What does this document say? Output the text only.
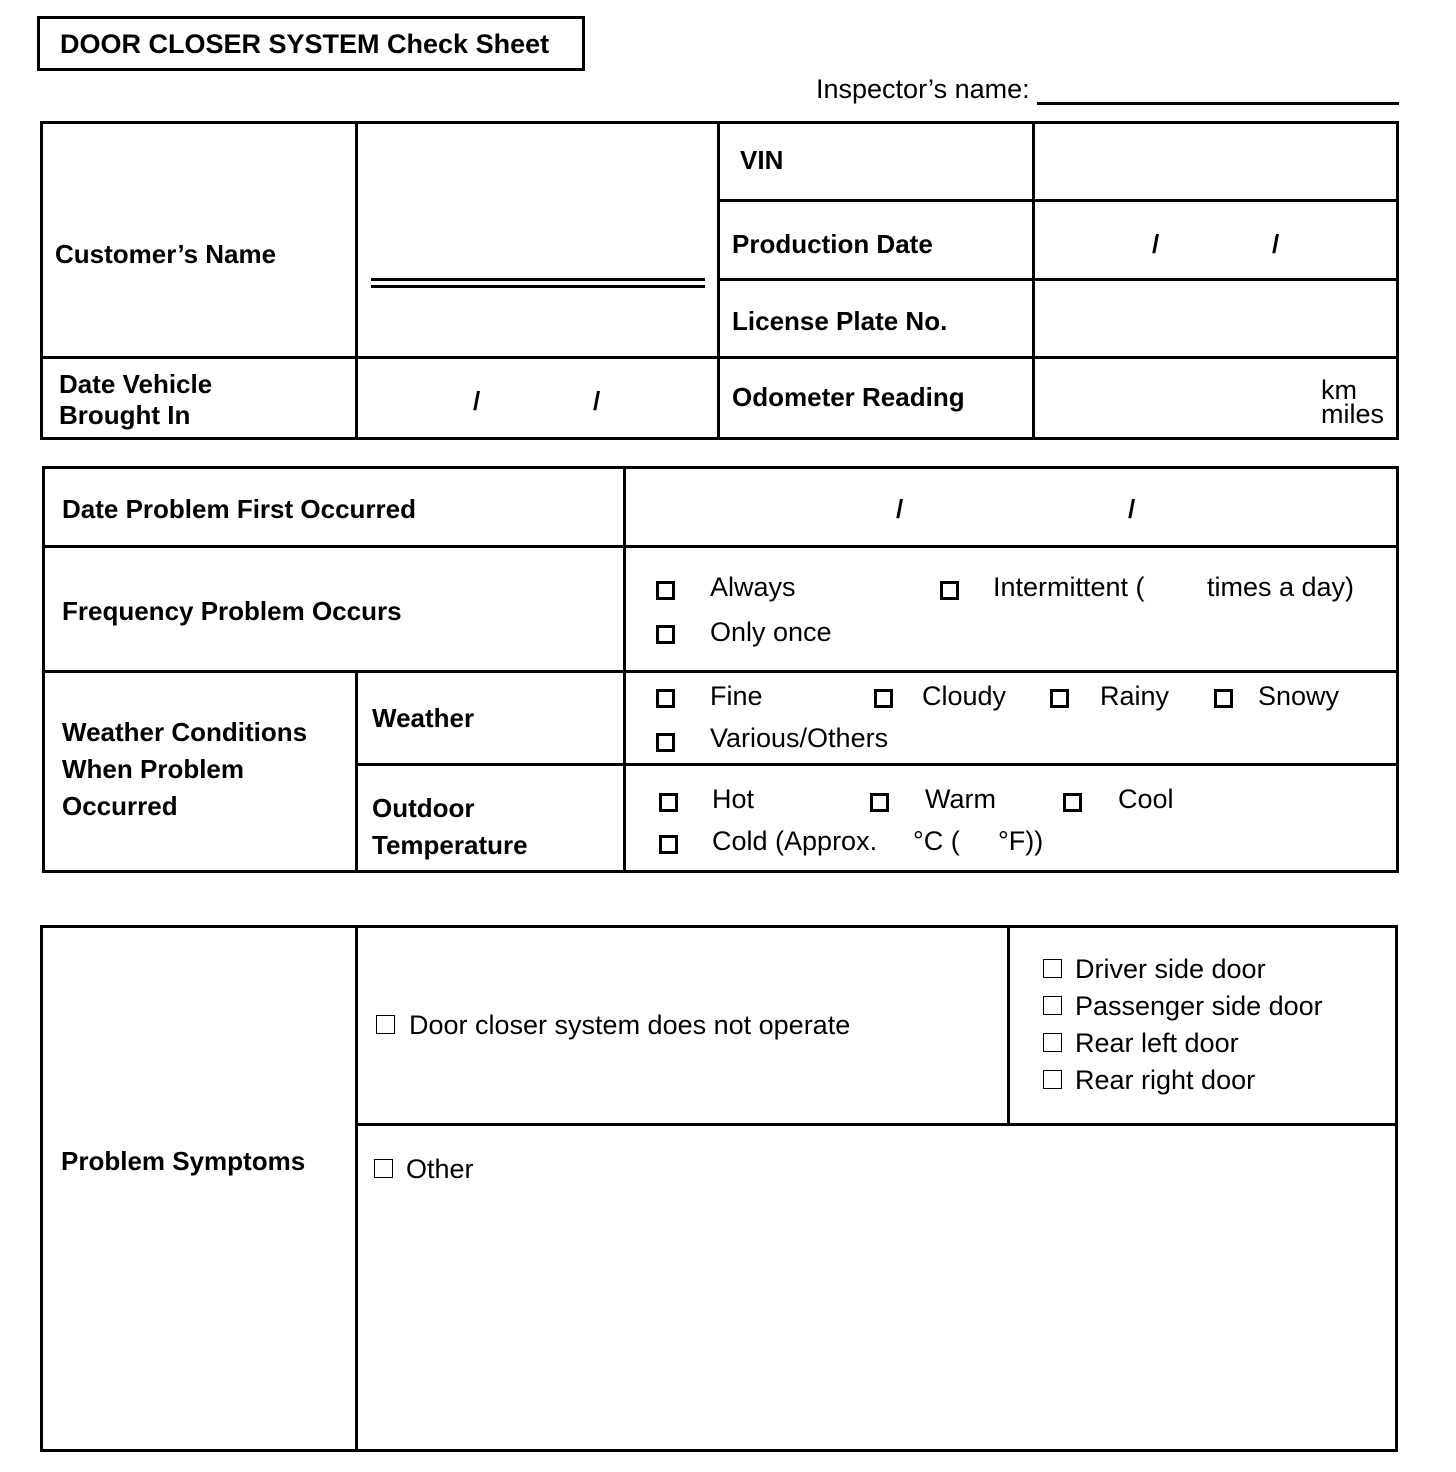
DOOR CLOSER SYSTEM Check Sheet
Inspector’s name:
Customer’s Name
VIN
Production Date	/	/
License Plate No.
Date Vehicle
Brought In	/	/	Odometer Reading	km
miles
Date Problem First Occurred	/	/
Frequency Problem Occurs
Always	Intermittent ( times a day)
Only once
Weather Conditions
When Problem
Occurred
Weather
Fine	Cloudy	Rainy	Snowy
Various/Others
Outdoor
Temperature
Hot	Warm	Cool
Cold (Approx. °C ( °F))
Problem Symptoms
Door closer system does not operate
Driver side door
Passenger side door
Rear left door
Rear right door
Other
